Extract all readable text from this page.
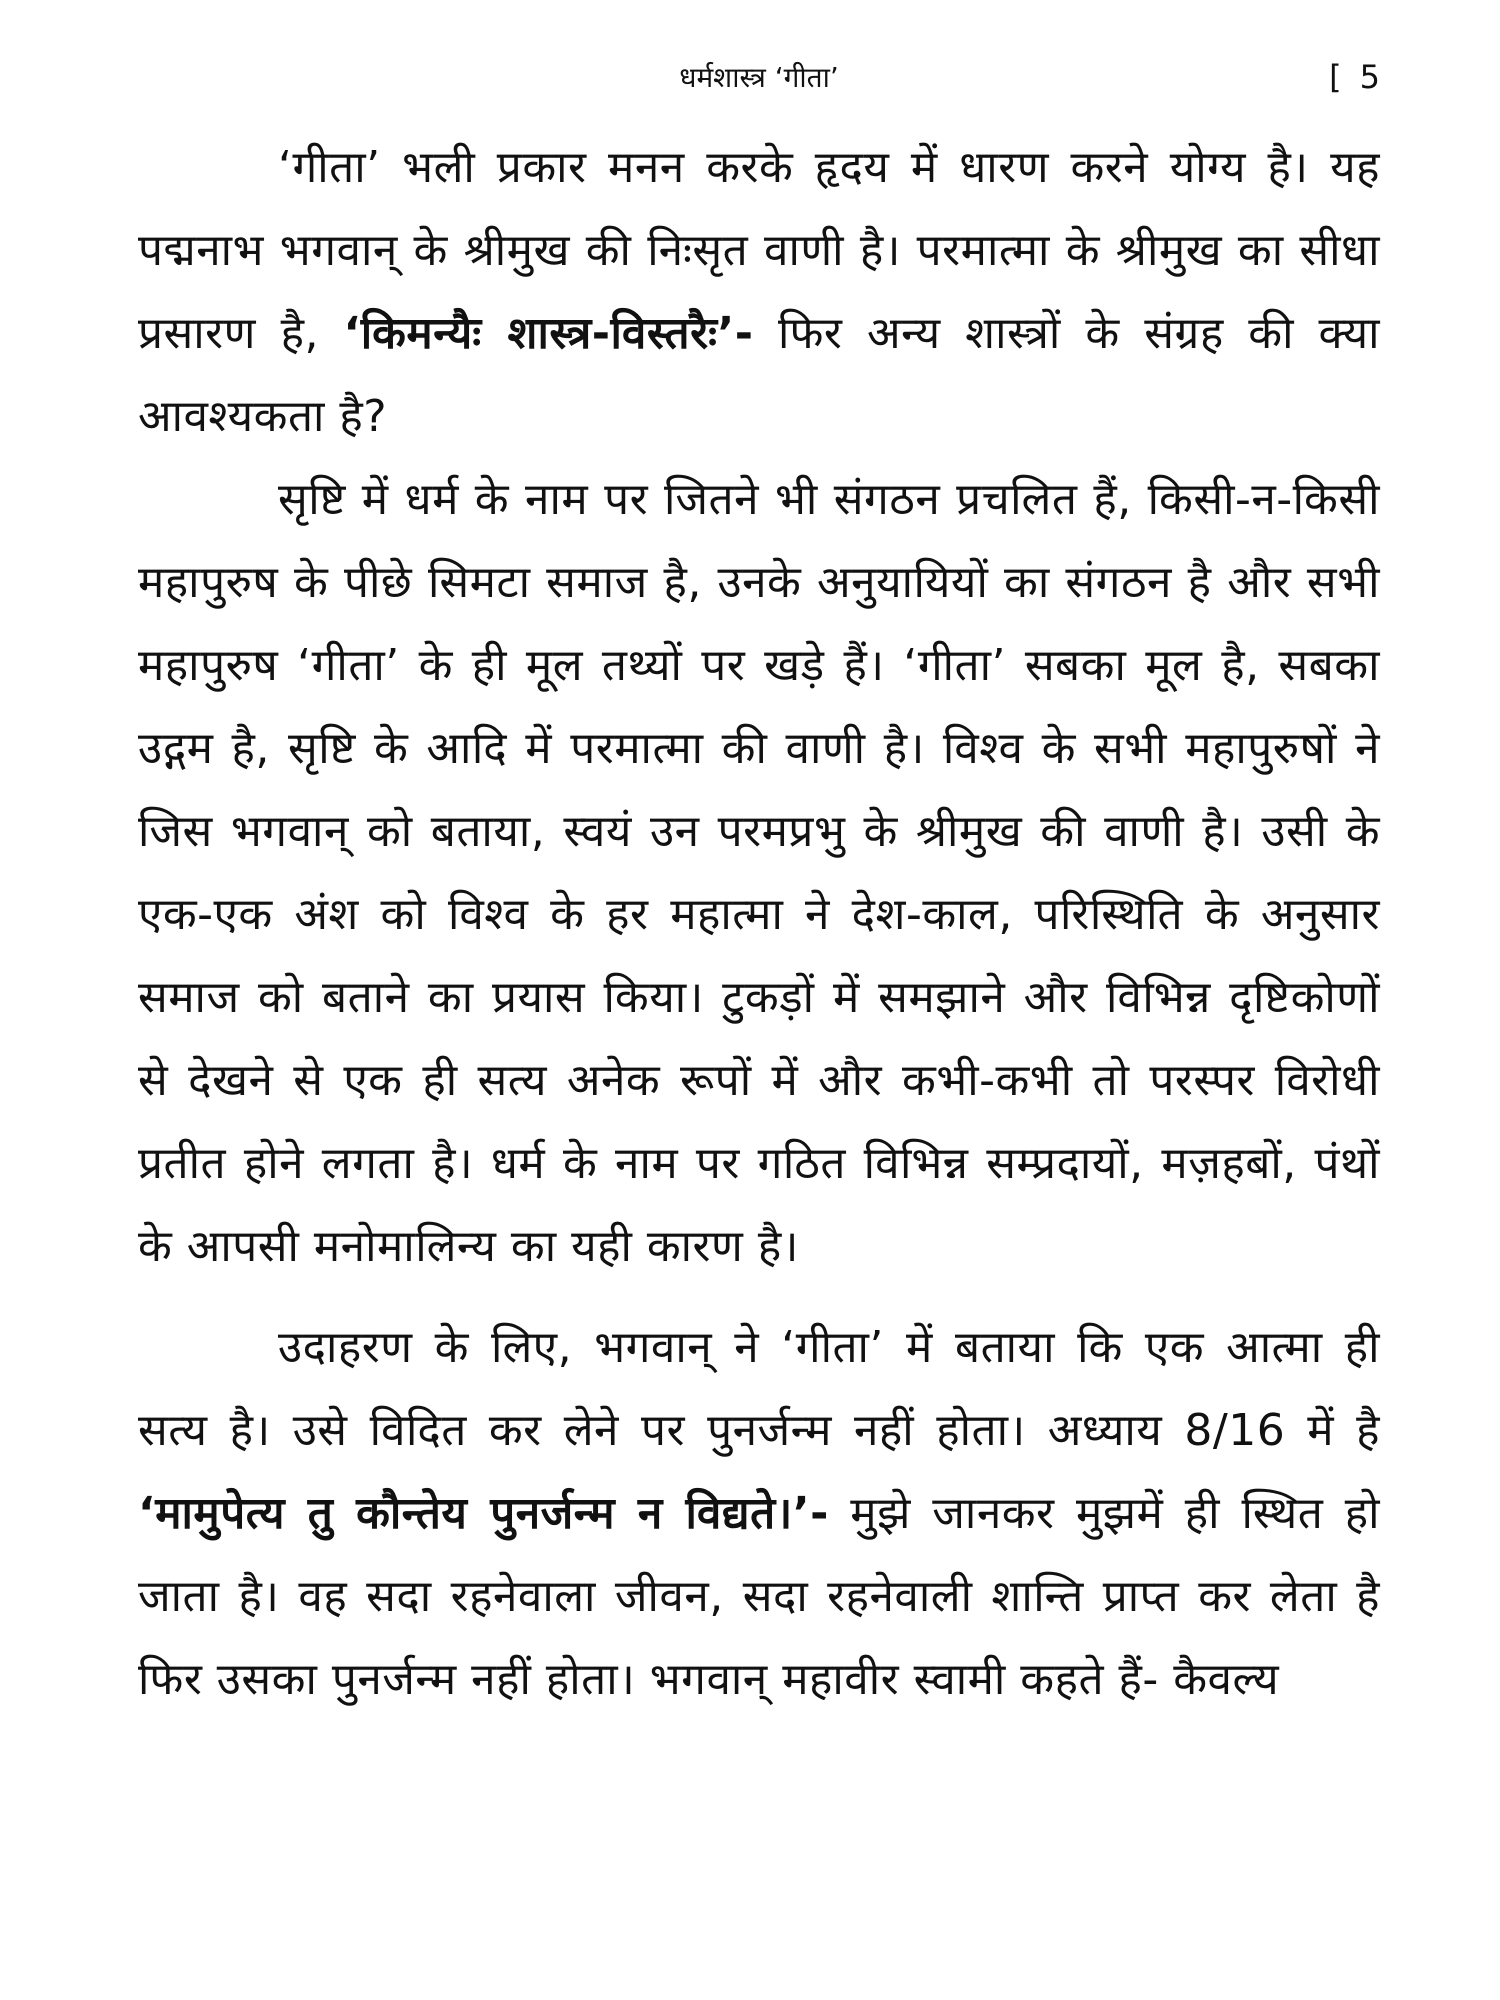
धर्मशास्त्र ‘गीता’	[ 5

‘गीता’ भली प्रकार मनन करके हृदय में धारण करने योग्य है। यह पद्मनाभ भगवान् के श्रीमुख की निःसृत वाणी है। परमात्मा के श्रीमुख का सीधा प्रसारण है, ‘किमन्यैः शास्त्र-विस्तरैः’- फिर अन्य शास्त्रों के संग्रह की क्या आवश्यकता है?

सृष्टि में धर्म के नाम पर जितने भी संगठन प्रचलित हैं, किसी-न-किसी महापुरुष के पीछे सिमटा समाज है, उनके अनुयायियों का संगठन है और सभी महापुरुष ‘गीता’ के ही मूल तथ्यों पर खड़े हैं। ‘गीता’ सबका मूल है, सबका उद्गम है, सृष्टि के आदि में परमात्मा की वाणी है। विश्व के सभी महापुरुषों ने जिस भगवान् को बताया, स्वयं उन परमप्रभु के श्रीमुख की वाणी है। उसी के एक-एक अंश को विश्व के हर महात्मा ने देश-काल, परिस्थिति के अनुसार समाज को बताने का प्रयास किया। टुकड़ों में समझाने और विभिन्न दृष्टिकोणों से देखने से एक ही सत्य अनेक रूपों में और कभी-कभी तो परस्पर विरोधी प्रतीत होने लगता है। धर्म के नाम पर गठित विभिन्न सम्प्रदायों, मज़हबों, पंथों के आपसी मनोमालिन्य का यही कारण है।

उदाहरण के लिए, भगवान् ने ‘गीता’ में बताया कि एक आत्मा ही सत्य है। उसे विदित कर लेने पर पुनर्जन्म नहीं होता। अध्याय 8/16 में है ‘मामुपेत्य तु कौन्तेय पुनर्जन्म न विद्यते।’- मुझे जानकर मुझमें ही स्थित हो जाता है। वह सदा रहनेवाला जीवन, सदा रहनेवाली शान्ति प्राप्त कर लेता है फिर उसका पुनर्जन्म नहीं होता। भगवान् महावीर स्वामी कहते हैं- कैवल्य
